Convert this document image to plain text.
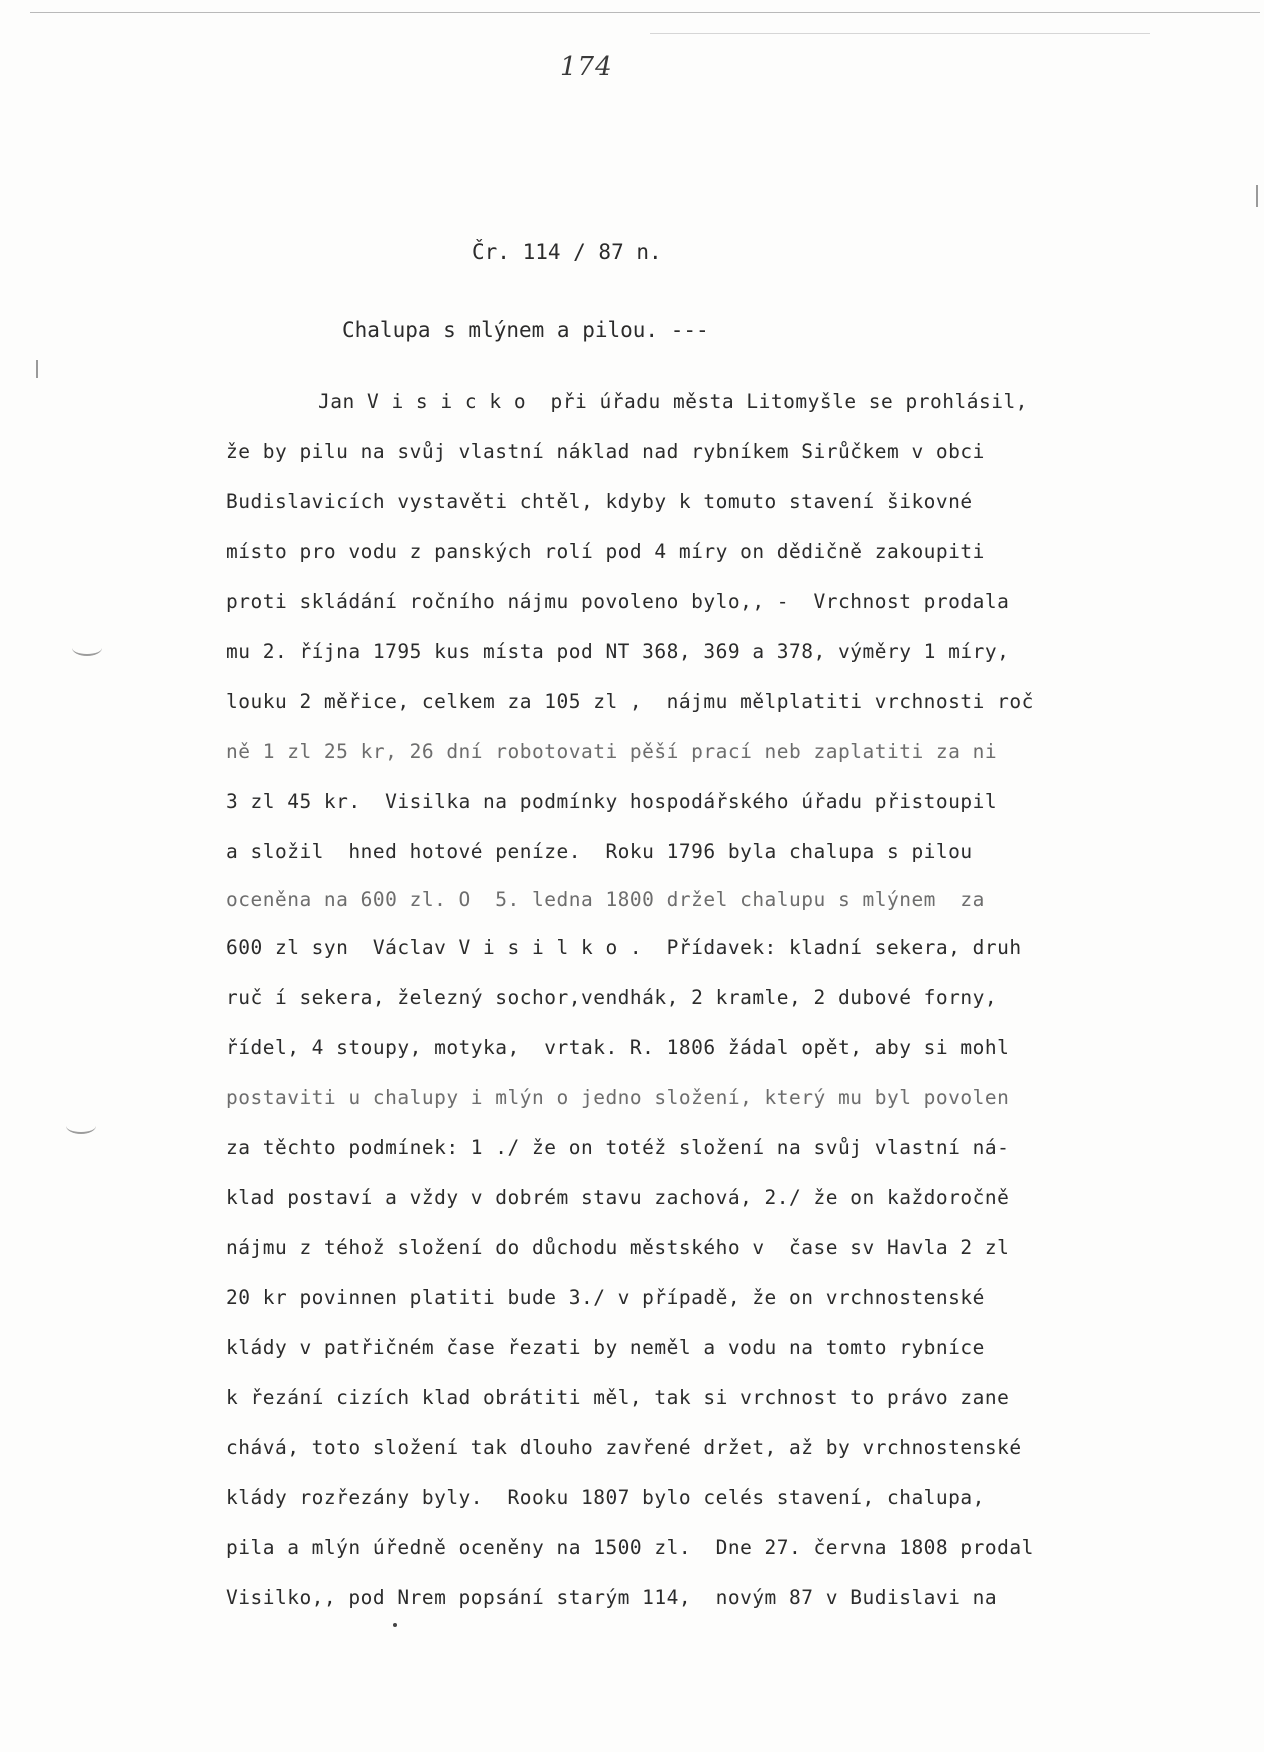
174
Čr. 114 / 87 n.
Chalupa s mlýnem a pilou. ---
Jan V i s i c k o  při úřadu města Litomyšle se prohlásil,
že by pilu na svůj vlastní náklad nad rybníkem Sirůčkem v obci
Budislavicích vystavěti chtěl, kdyby k tomuto stavení šikovné
místo pro vodu z panských rolí pod 4 míry on dědičně zakoupiti
proti skládání ročního nájmu povoleno bylo,, -  Vrchnost prodala
mu 2. října 1795 kus místa pod NT 368, 369 a 378, výměry 1 míry,
louku 2 měřice, celkem za 105 zl ,  nájmu mělplatiti vrchnosti roč
ně 1 zl 25 kr, 26 dní robotovati pěší prací neb zaplatiti za ni
3 zl 45 kr.  Visilka na podmínky hospodářského úřadu přistoupil
a složil  hned hotové peníze.  Roku 1796 byla chalupa s pilou
oceněna na 600 zl. O  5. ledna 1800 držel chalupu s mlýnem  za
600 zl syn  Václav V i s i l k o .  Přídavek: kladní sekera, druh
ruč í sekera, železný sochor,vendhák, 2 kramle, 2 dubové forny,
řídel, 4 stoupy, motyka,  vrtak. R. 1806 žádal opět, aby si mohl
postaviti u chalupy i mlýn o jedno složení, který mu byl povolen
za těchto podmínek: 1 ./ že on totéž složení na svůj vlastní ná-
klad postaví a vždy v dobrém stavu zachová, 2./ že on každoročně
nájmu z téhož složení do důchodu městského v  čase sv Havla 2 zl
20 kr povinnen platiti bude 3./ v případě, že on vrchnostenské
klády v patřičném čase řezati by neměl a vodu na tomto rybníce
k řezání cizích klad obrátiti měl, tak si vrchnost to právo zane
chává, toto složení tak dlouho zavřené držet, až by vrchnostenské
klády rozřezány byly.  Rooku 1807 bylo celés stavení, chalupa,
pila a mlýn úředně oceněny na 1500 zl.  Dne 27. června 1808 prodal
Visilko,, pod Nrem popsání starým 114,  novým 87 v Budislavi na
